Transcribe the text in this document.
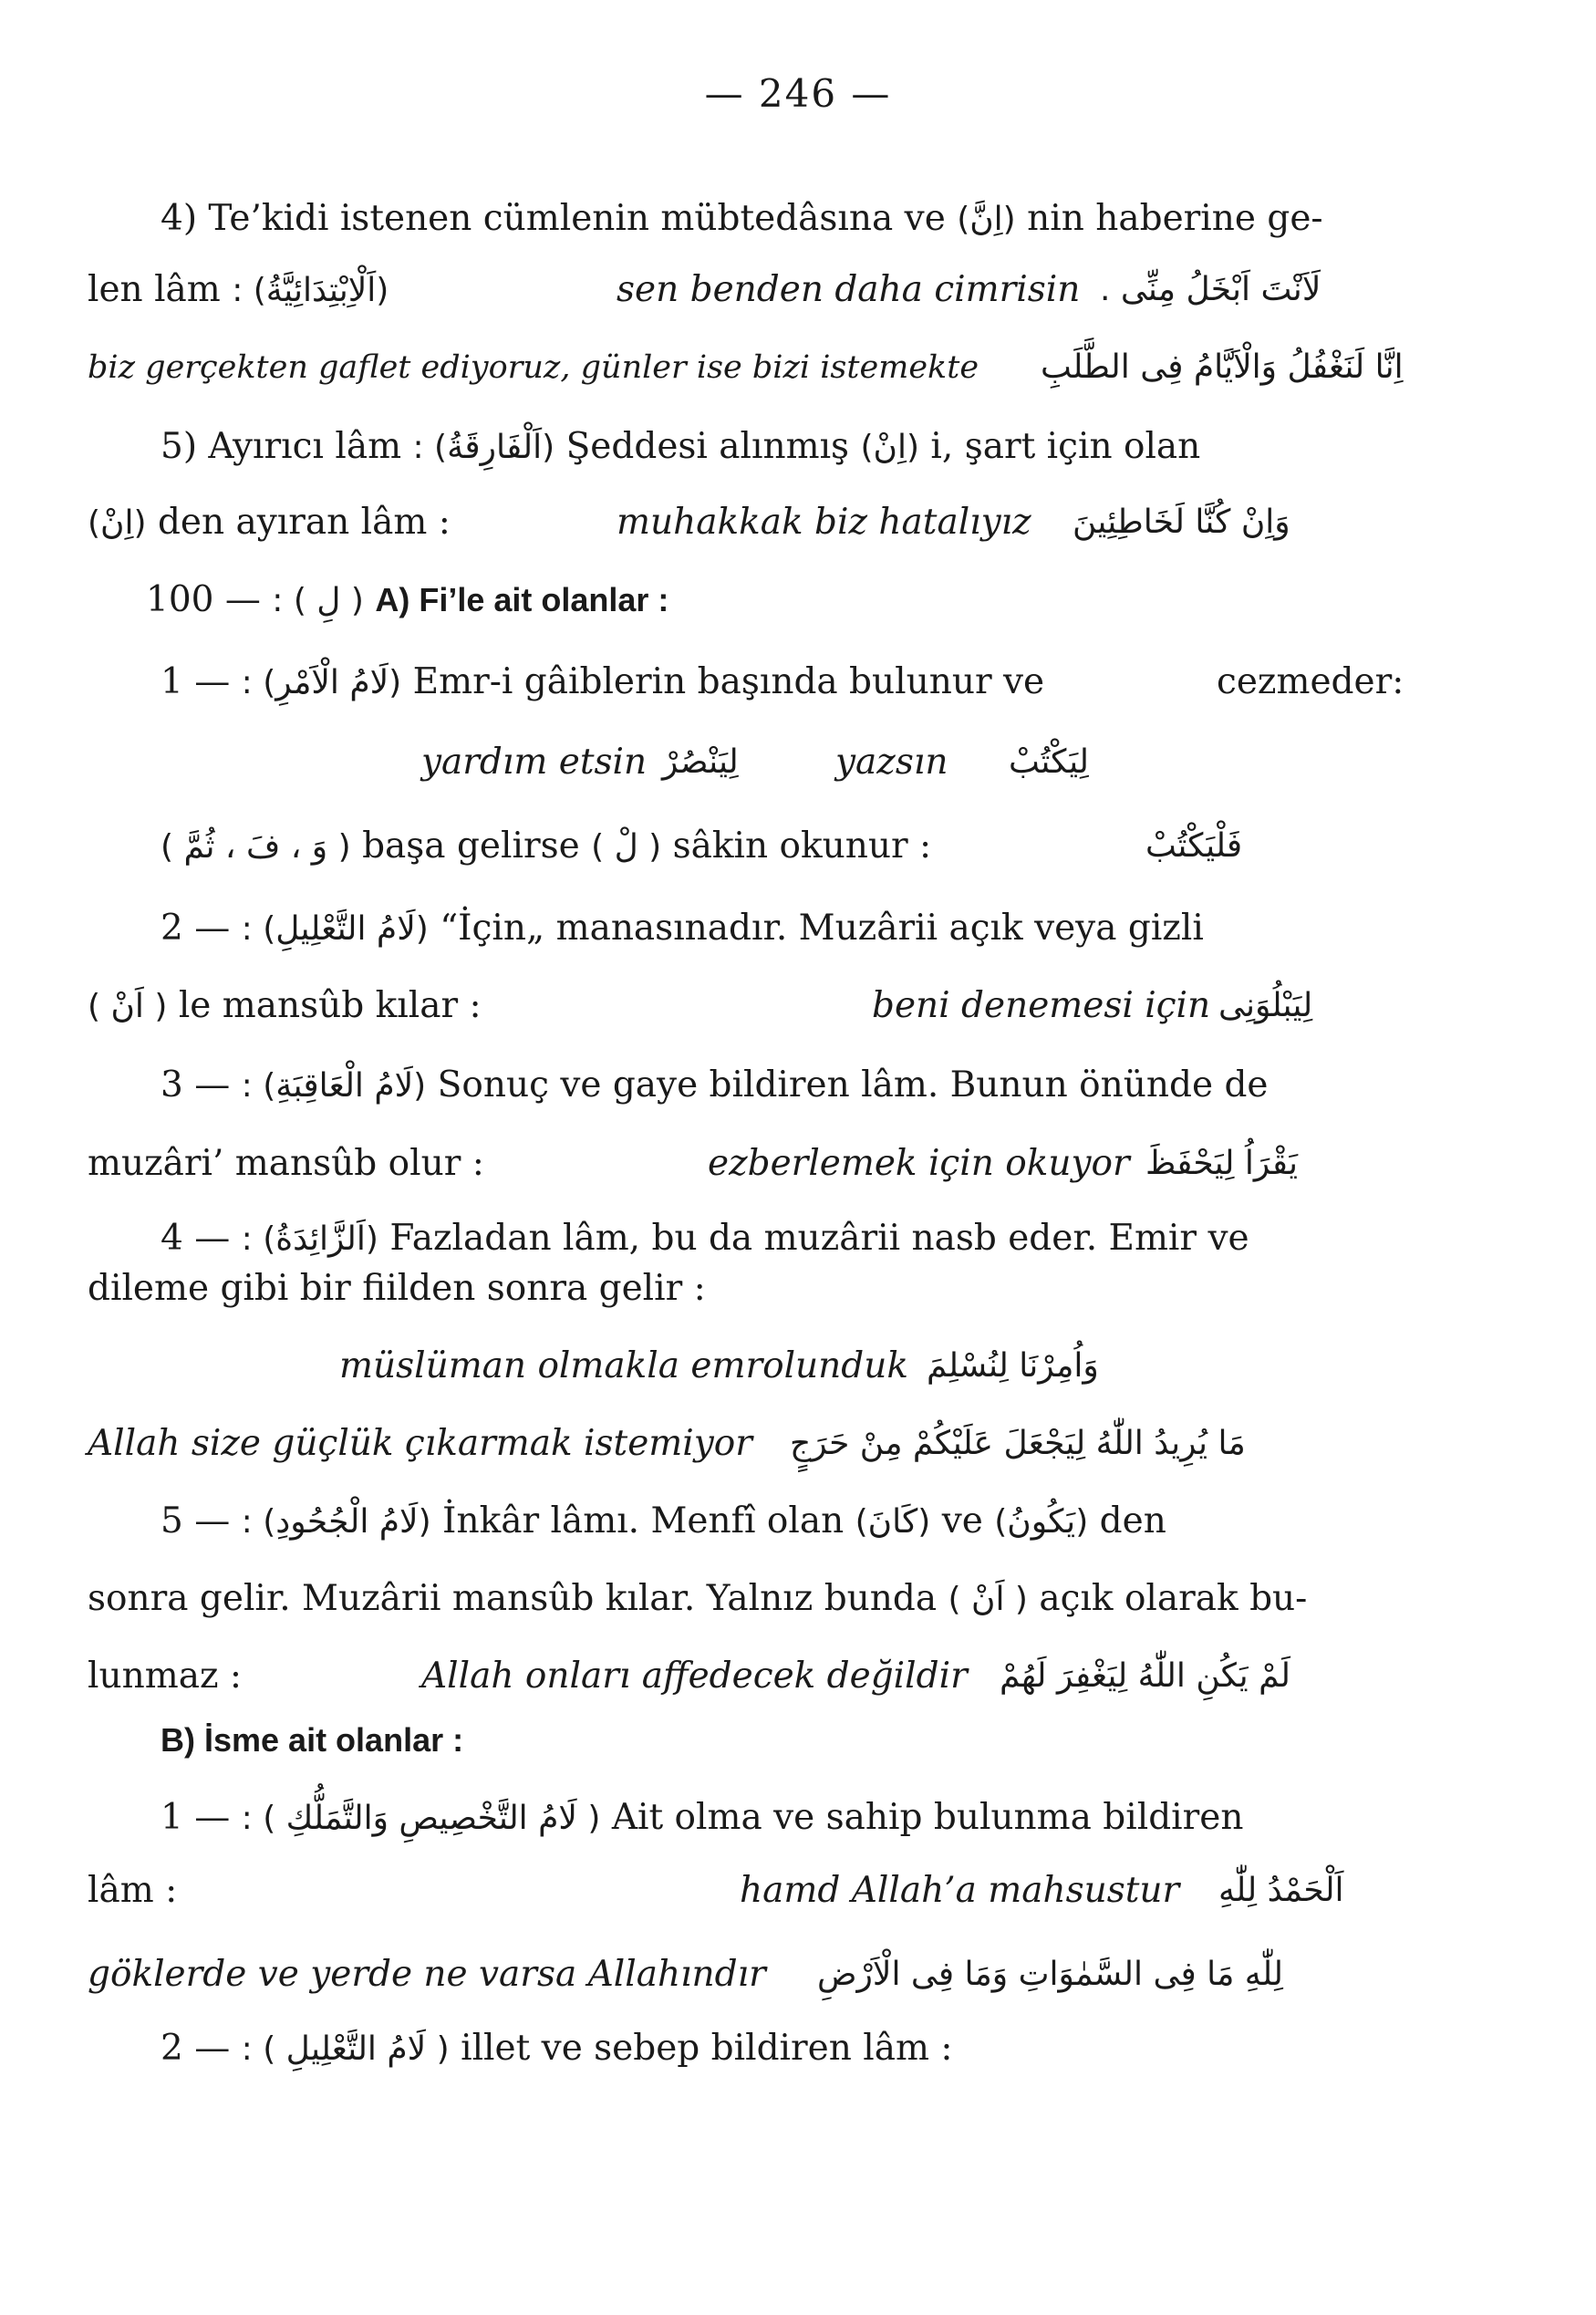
— 246 —
4) Te’kidi istenen cümlenin mübtedâsına ve (اِنَّ) nin haberine ge-
len lâm (اَلْاِبْتِدَائِيَّةُ) :	sen benden daha cimrisin لَاَنْتَ اَبْخَلُ مِنِّى .
biz gerçekten gaflet ediyoruz, günler ise bizi istemekte اِنَّا لَنَغْفُلُ وَالْاَيَّامُ فِى الطَّلَبِ
5) Ayırıcı lâm (اَلْفَارِقَةُ) : Şeddesi alınmış (اِنْ) i, şart için olan
(اِنْ) den ayıran lâm :	muhakkak biz hatalıyız وَاِنْ كُنَّا لَخَاطِئِينَ
100 — ( لِ ) : A) Fi’le ait olanlar :
1 — (لَامُ الْاَمْرِ) : Emr-i gâiblerin başında bulunur ve	cezmeder:
yardım etsin لِيَنْصُرْ	yazsın لِيَكْتُبْ
( وَ ، فَ ، ثُمَّ ) başa gelirse ( لْ ) sâkin okunur :	فَلْيَكْتُبْ
2 — (لَامُ التَّعْلِيلِ) : “İçin„ manasınadır. Muzârii açık veya gizli
( اَنْ ) le mansûb kılar :	beni denemesi için لِيَبْلُوَنِى
3 — (لَامُ الْعَاقِبَةِ) : Sonuç ve gaye bildiren lâm. Bunun önünde de
muzâri’ mansûb olur :	ezberlemek için okuyor يَقْرَاُ لِيَحْفَظَ
4 — (اَلزَّائِدَةُ) : Fazladan lâm, bu da muzârii nasb eder. Emir ve
dileme gibi bir fiilden sonra gelir :
müslüman olmakla emrolunduk وَاُمِرْنَا لِنُسْلِمَ
Allah size güçlük çıkarmak istemiyor مَا يُرِيدُ اللّٰهُ لِيَجْعَلَ عَلَيْكُمْ مِنْ حَرَجٍ
5 — (لَامُ الْجُحُودِ) : İnkâr lâmı. Menfî olan (كَانَ) ve (يَكُونُ) den
sonra gelir. Muzârii mansûb kılar. Yalnız bunda ( اَنْ ) açık olarak bu-
lunmaz :	Allah onları affedecek değildir لَمْ يَكُنِ اللّٰهُ لِيَغْفِرَ لَهُمْ
B) İsme ait olanlar :
1 — ( لَامُ التَّخْصِيصِ وَالتَّمَلُّكِ ) : Ait olma ve sahip bulunma bildiren
lâm :	hamd Allah’a mahsustur اَلْحَمْدُ لِلّٰهِ
göklerde ve yerde ne varsa Allahındır لِلّٰهِ مَا فِى السَّمٰوَاتِ وَمَا فِى الْاَرْضِ
2 — ( لَامُ التَّعْلِيلِ ) : illet ve sebep bildiren lâm :
